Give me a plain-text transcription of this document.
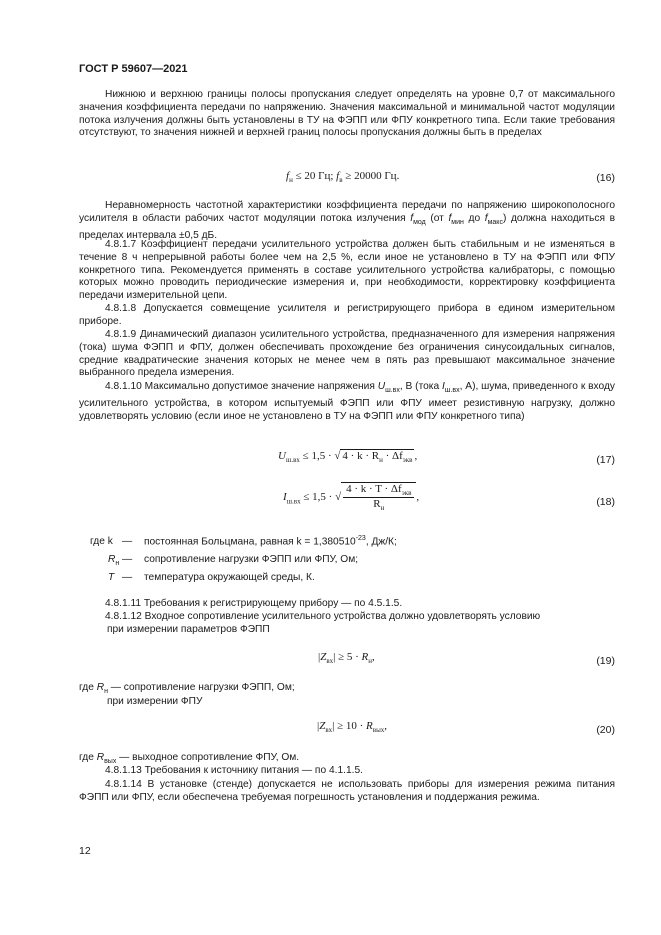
ГОСТ Р 59607—2021

Нижнюю и верхнюю границы полосы пропускания следует определять на уровне 0,7 от максимального значения коэффициента передачи по напряжению. Значения максимальной и минимальной частот модуляции потока излучения должны быть установлены в ТУ на ФЭПП или ФПУ конкретного типа. Если такие требования отсутствуют, то значения нижней и верхней границ полосы пропускания должны быть в пределах

$f_н \le 20$ Гц; $f_в \ge 20000$ Гц.	(16)

Неравномерность частотной характеристики коэффициента передачи по напряжению широкополосного усилителя в области рабочих частот модуляции потока излучения $f_{мод}$ (от $f_{мин}$ до $f_{макс}$) должна находиться в пределах интервала ±0,5 дБ.

4.8.1.7 Коэффициент передачи усилительного устройства должен быть стабильным и не изменяться в течение 8 ч непрерывной работы более чем на 2,5 %, если иное не установлено в ТУ на ФЭПП или ФПУ конкретного типа. Рекомендуется применять в составе усилительного устройства калибраторы, с помощью которых можно проводить периодические измерения и, при необходимости, корректировку коэффициента передачи измерительной цепи.

4.8.1.8 Допускается совмещение усилителя и регистрирующего прибора в едином измерительном приборе.

4.8.1.9 Динамический диапазон усилительного устройства, предназначенного для измерения напряжения (тока) шума ФЭПП и ФПУ, должен обеспечивать прохождение без ограничения синусоидальных сигналов, средние квадратические значения которых не менее чем в пять раз превышают максимальное значение выбранного предела измерения.

4.8.1.10 Максимально допустимое значение напряжения $U_{ш.вх}$, В (тока $I_{ш.вх}$, А), шума, приведенного к входу усилительного устройства, в котором испытуемый ФЭПП или ФПУ имеет резистивную нагрузку, должно удовлетворять условию (если иное не установлено в ТУ на ФЭПП или ФПУ конкретного типа)

$U_{ш.вх} \le 1,5$ · √ $4 \cdot k \cdot R_н \cdot \Delta f_{экв}$ ,	(17)
$I_{ш.вх} \le 1,5$ · √ $\frac{4 \cdot k \cdot T \cdot \Delta f_{экв}}{R_н}$ ,	(18)
где k — постоянная Больцмана, равная $k = 1,380510^{-23}$, Дж/К;
$R_н$ — сопротивление нагрузки ФЭПП или ФПУ, Ом;
T — температура окружающей среды, К.

4.8.1.11 Требования к регистрирующему прибору — по 4.5.1.5.

4.8.1.12 Входное сопротивление усилительного устройства должно удовлетворять условию

при измерении параметров ФЭПП

$|Z_{вх}| \ge 5 \cdot R_н$,	(19)

где $R_н$ — сопротивление нагрузки ФЭПП, Ом;

при измерении ФПУ

$|Z_{вх}| \ge 10 \cdot R_{вых}$,	(20)

где $R_{вых}$ — выходное сопротивление ФПУ, Ом.

4.8.1.13 Требования к источнику питания — по 4.1.1.5.

4.8.1.14 В установке (стенде) допускается не использовать приборы для измерения режима питания ФЭПП или ФПУ, если обеспечена требуемая погрешность установления и поддержания режима.

12
